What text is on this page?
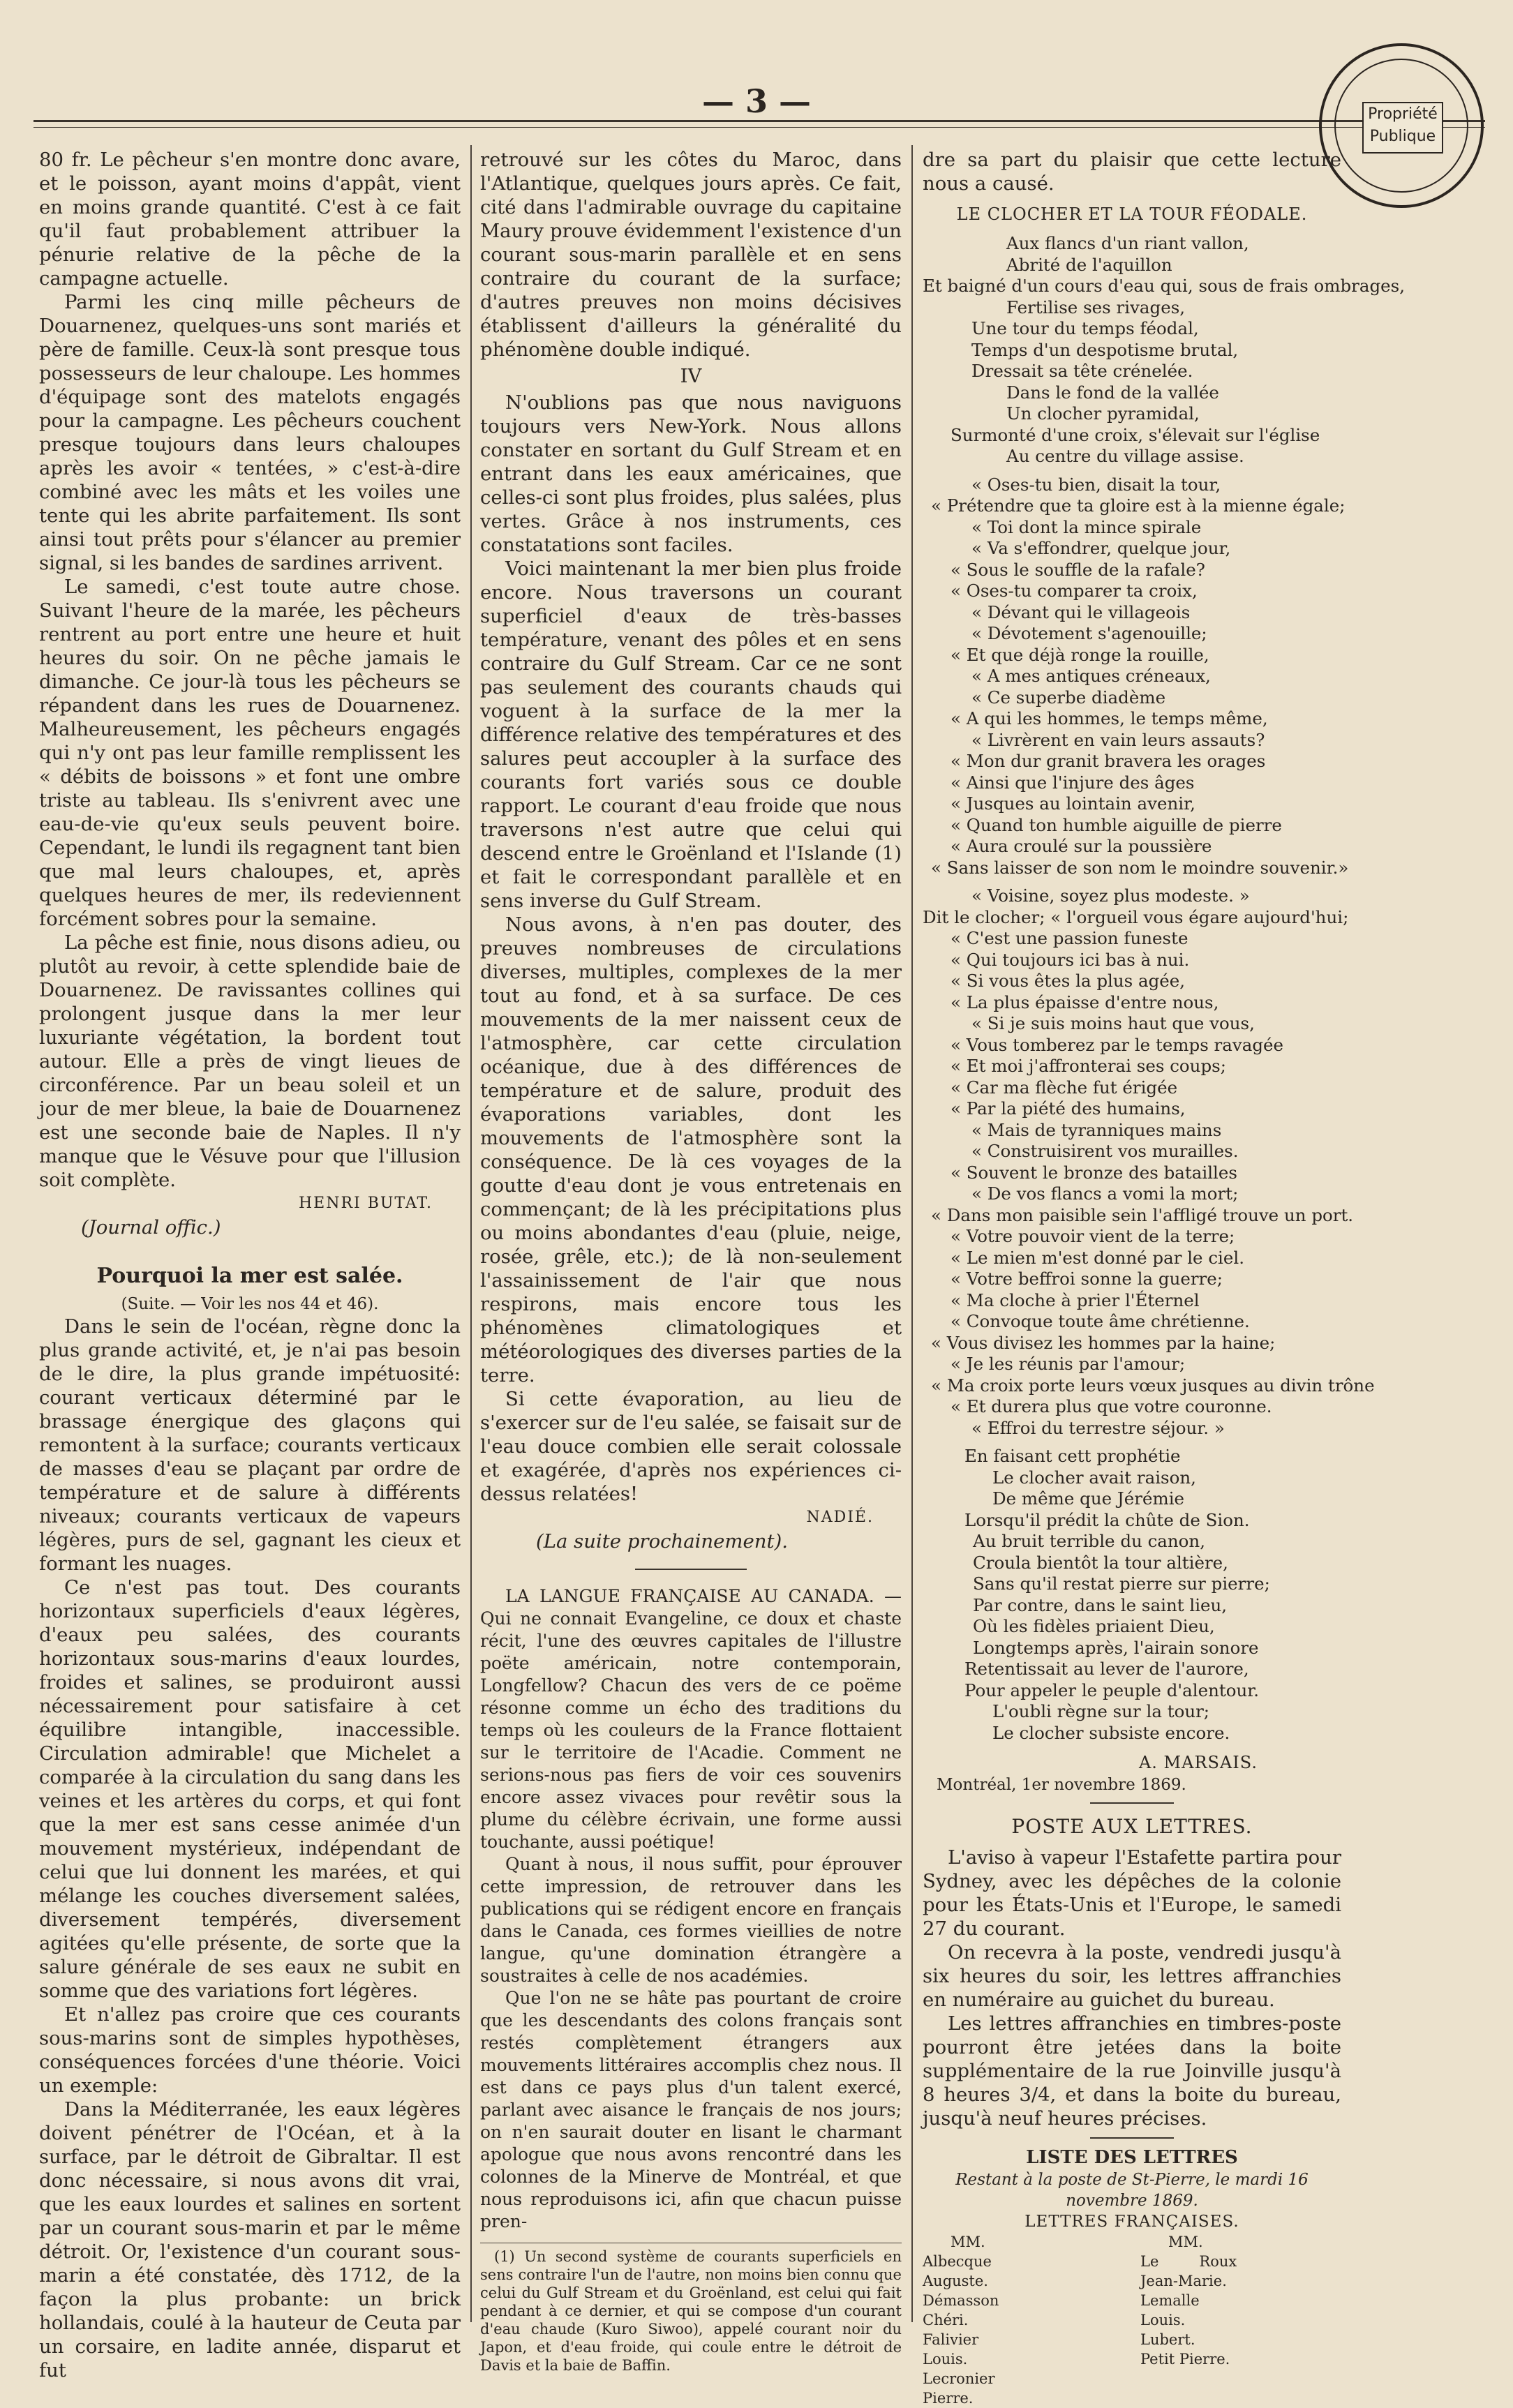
— 3 —	Propriété
Publique

80 fr. Le pêcheur s'en montre donc avare, et le poisson, ayant moins d'appât, vient en moins grande quantité. C'est à ce fait qu'il faut probablement attribuer la pénurie relative de la pêche de la campagne actuelle.

Parmi les cinq mille pêcheurs de Douarnenez, quelques-uns sont mariés et père de famille. Ceux-là sont presque tous possesseurs de leur chaloupe. Les hommes d'équipage sont des matelots engagés pour la campagne. Les pêcheurs couchent presque toujours dans leurs chaloupes après les avoir « tentées, » c'est-à-dire combiné avec les mâts et les voiles une tente qui les abrite parfaitement. Ils sont ainsi tout prêts pour s'élancer au premier signal, si les bandes de sardines arrivent.

Le samedi, c'est toute autre chose. Suivant l'heure de la marée, les pêcheurs rentrent au port entre une heure et huit heures du soir. On ne pêche jamais le dimanche. Ce jour-là tous les pêcheurs se répandent dans les rues de Douarnenez. Malheureusement, les pêcheurs engagés qui n'y ont pas leur famille remplissent les « débits de boissons » et font une ombre triste au tableau. Ils s'enivrent avec une eau-de-vie qu'eux seuls peuvent boire. Cependant, le lundi ils regagnent tant bien que mal leurs chaloupes, et, après quelques heures de mer, ils redeviennent forcément sobres pour la semaine.

La pêche est finie, nous disons adieu, ou plutôt au revoir, à cette splendide baie de Douarnenez. De ravissantes collines qui prolongent jusque dans la mer leur luxuriante végétation, la bordent tout autour. Elle a près de vingt lieues de circonférence. Par un beau soleil et un jour de mer bleue, la baie de Douarnenez est une seconde baie de Naples. Il n'y manque que le Vésuve pour que l'illusion soit complète.

HENRI BUTAT.

(Journal offic.)

Pourquoi la mer est salée.

(Suite. — Voir les nos 44 et 46).

Dans le sein de l'océan, règne donc la plus grande activité, et, je n'ai pas besoin de le dire, la plus grande impétuosité: courant verticaux déterminé par le brassage énergique des glaçons qui remontent à la surface; courants verticaux de masses d'eau se plaçant par ordre de température et de salure à différents niveaux; courants verticaux de vapeurs légères, purs de sel, gagnant les cieux et formant les nuages.

Ce n'est pas tout. Des courants horizontaux superficiels d'eaux légères, d'eaux peu salées, des courants horizontaux sous-marins d'eaux lourdes, froides et salines, se produiront aussi nécessairement pour satisfaire à cet équilibre intangible, inaccessible. Circulation admirable! que Michelet a comparée à la circulation du sang dans les veines et les artères du corps, et qui font que la mer est sans cesse animée d'un mouvement mystérieux, indépendant de celui que lui donnent les marées, et qui mélange les couches diversement salées, diversement tempérés, diversement agitées qu'elle présente, de sorte que la salure générale de ses eaux ne subit en somme que des variations fort légères.

Et n'allez pas croire que ces courants sous-marins sont de simples hypothèses, conséquences forcées d'une théorie. Voici un exemple:

Dans la Méditerranée, les eaux légères doivent pénétrer de l'Océan, et à la surface, par le détroit de Gibraltar. Il est donc nécessaire, si nous avons dit vrai, que les eaux lourdes et salines en sortent par un courant sous-marin et par le même détroit. Or, l'existence d'un courant sous-marin a été constatée, dès 1712, de la façon la plus probante: un brick hollandais, coulé à la hauteur de Ceuta par un corsaire, en ladite année, disparut et fut

retrouvé sur les côtes du Maroc, dans l'Atlantique, quelques jours après. Ce fait, cité dans l'admirable ouvrage du capitaine Maury prouve évidemment l'existence d'un courant sous-marin parallèle et en sens contraire du courant de la surface; d'autres preuves non moins décisives établissent d'ailleurs la généralité du phénomène double indiqué.

IV

N'oublions pas que nous naviguons toujours vers New-York. Nous allons constater en sortant du Gulf Stream et en entrant dans les eaux américaines, que celles-ci sont plus froides, plus salées, plus vertes. Grâce à nos instruments, ces constatations sont faciles.

Voici maintenant la mer bien plus froide encore. Nous traversons un courant superficiel d'eaux de très-basses température, venant des pôles et en sens contraire du Gulf Stream. Car ce ne sont pas seulement des courants chauds qui voguent à la surface de la mer la différence relative des températures et des salures peut accoupler à la surface des courants fort variés sous ce double rapport. Le courant d'eau froide que nous traversons n'est autre que celui qui descend entre le Groënland et l'Islande (1) et fait le correspondant parallèle et en sens inverse du Gulf Stream.

Nous avons, à n'en pas douter, des preuves nombreuses de circulations diverses, multiples, complexes de la mer tout au fond, et à sa surface. De ces mouvements de la mer naissent ceux de l'atmosphère, car cette circulation océanique, due à des différences de température et de salure, produit des évaporations variables, dont les mouvements de l'atmosphère sont la conséquence. De là ces voyages de la goutte d'eau dont je vous entretenais en commençant; de là les précipitations plus ou moins abondantes d'eau (pluie, neige, rosée, grêle, etc.); de là non-seulement l'assainissement de l'air que nous respirons, mais encore tous les phénomènes climatologiques et météorologiques des diverses parties de la terre.

Si cette évaporation, au lieu de s'exercer sur de l'eu salée, se faisait sur de l'eau douce combien elle serait colossale et exagérée, d'après nos expériences ci-dessus relatées!

NADIÉ.

(La suite prochainement).

LA LANGUE FRANÇAISE AU CANADA. — Qui ne connait Evangeline, ce doux et chaste récit, l'une des œuvres capitales de l'illustre poëte américain, notre contemporain, Longfellow? Chacun des vers de ce poëme résonne comme un écho des traditions du temps où les couleurs de la France flottaient sur le territoire de l'Acadie. Comment ne serions-nous pas fiers de voir ces souvenirs encore assez vivaces pour revêtir sous la plume du célèbre écrivain, une forme aussi touchante, aussi poétique!

Quant à nous, il nous suffit, pour éprouver cette impression, de retrouver dans les publications qui se rédigent encore en français dans le Canada, ces formes vieillies de notre langue, qu'une domination étrangère a soustraites à celle de nos académies.

Que l'on ne se hâte pas pourtant de croire que les descendants des colons français sont restés complètement étrangers aux mouvements littéraires accomplis chez nous. Il est dans ce pays plus d'un talent exercé, parlant avec aisance le français de nos jours; on n'en saurait douter en lisant le charmant apologue que nous avons rencontré dans les colonnes de la Minerve de Montréal, et que nous reproduisons ici, afin que chacun puisse pren-

(1) Un second système de courants superficiels en sens contraire l'un de l'autre, non moins bien connu que celui du Gulf Stream et du Groënland, est celui qui fait pendant à ce dernier, et qui se compose d'un courant d'eau chaude (Kuro Siwoo), appelé courant noir du Japon, et d'eau froide, qui coule entre le détroit de Davis et la baie de Baffin.

dre sa part du plaisir que cette lecture nous a causé.

LE CLOCHER ET LA TOUR FÉODALE.

Aux flancs d'un riant vallon,
Abrité de l'aquillon
Et baigné d'un cours d'eau qui, sous de frais ombrages,
Fertilise ses rivages,
Une tour du temps féodal,
Temps d'un despotisme brutal,
Dressait sa tête crénelée.
Dans le fond de la vallée
Un clocher pyramidal,
Surmonté d'une croix, s'élevait sur l'église
Au centre du village assise.
« Oses-tu bien, disait la tour,
« Prétendre que ta gloire est à la mienne égale;
« Toi dont la mince spirale
« Va s'effondrer, quelque jour,
« Sous le souffle de la rafale?
« Oses-tu comparer ta croix,
« Dévant qui le villageois
« Dévotement s'agenouille;
« Et que déjà ronge la rouille,
« A mes antiques créneaux,
« Ce superbe diadème
« A qui les hommes, le temps même,
« Livrèrent en vain leurs assauts?
« Mon dur granit bravera les orages
« Ainsi que l'injure des âges
« Jusques au lointain avenir,
« Quand ton humble aiguille de pierre
« Aura croulé sur la poussière
« Sans laisser de son nom le moindre souvenir.»
« Voisine, soyez plus modeste. »
Dit le clocher; « l'orgueil vous égare aujourd'hui;
« C'est une passion funeste
« Qui toujours ici bas à nui.
« Si vous êtes la plus agée,
« La plus épaisse d'entre nous,
« Si je suis moins haut que vous,
« Vous tomberez par le temps ravagée
« Et moi j'affronterai ses coups;
« Car ma flèche fut érigée
« Par la piété des humains,
« Mais de tyranniques mains
« Construisirent vos murailles.
« Souvent le bronze des batailles
« De vos flancs a vomi la mort;
« Dans mon paisible sein l'affligé trouve un port.
« Votre pouvoir vient de la terre;
« Le mien m'est donné par le ciel.
« Votre beffroi sonne la guerre;
« Ma cloche à prier l'Éternel
« Convoque toute âme chrétienne.
« Vous divisez les hommes par la haine;
« Je les réunis par l'amour;
« Ma croix porte leurs vœux jusques au divin trône
« Et durera plus que votre couronne.
« Effroi du terrestre séjour. »
En faisant cett prophétie
Le clocher avait raison,
De même que Jérémie
Lorsqu'il prédit la chûte de Sion.
Au bruit terrible du canon,
Croula bientôt la tour altière,
Sans qu'il restat pierre sur pierre;
Par contre, dans le saint lieu,
Où les fidèles priaient Dieu,
Longtemps après, l'airain sonore
Retentissait au lever de l'aurore,
Pour appeler le peuple d'alentour.
L'oubli règne sur la tour;
Le clocher subsiste encore.

A. MARSAIS.

Montréal, 1er novembre 1869.

POSTE AUX LETTRES.

L'aviso à vapeur l'Estafette partira pour Sydney, avec les dépêches de la colonie pour les États-Unis et l'Europe, le samedi 27 du courant.

On recevra à la poste, vendredi jusqu'à six heures du soir, les lettres affranchies en numéraire au guichet du bureau.

Les lettres affranchies en timbres-poste pourront être jetées dans la boite supplémentaire de la rue Joinville jusqu'à 8 heures 3/4, et dans la boite du bureau, jusqu'à neuf heures précises.

LISTE DES LETTRES

Restant à la poste de St-Pierre, le mardi 16 novembre 1869.

LETTRES FRANÇAISES.

MM.
Albecque Auguste.
Démasson Chéri.
Falivier Louis.
Lecronier Pierre.
MM.
Le Roux Jean-Marie.
Lemalle Louis.
Lubert.
Petit Pierre.
